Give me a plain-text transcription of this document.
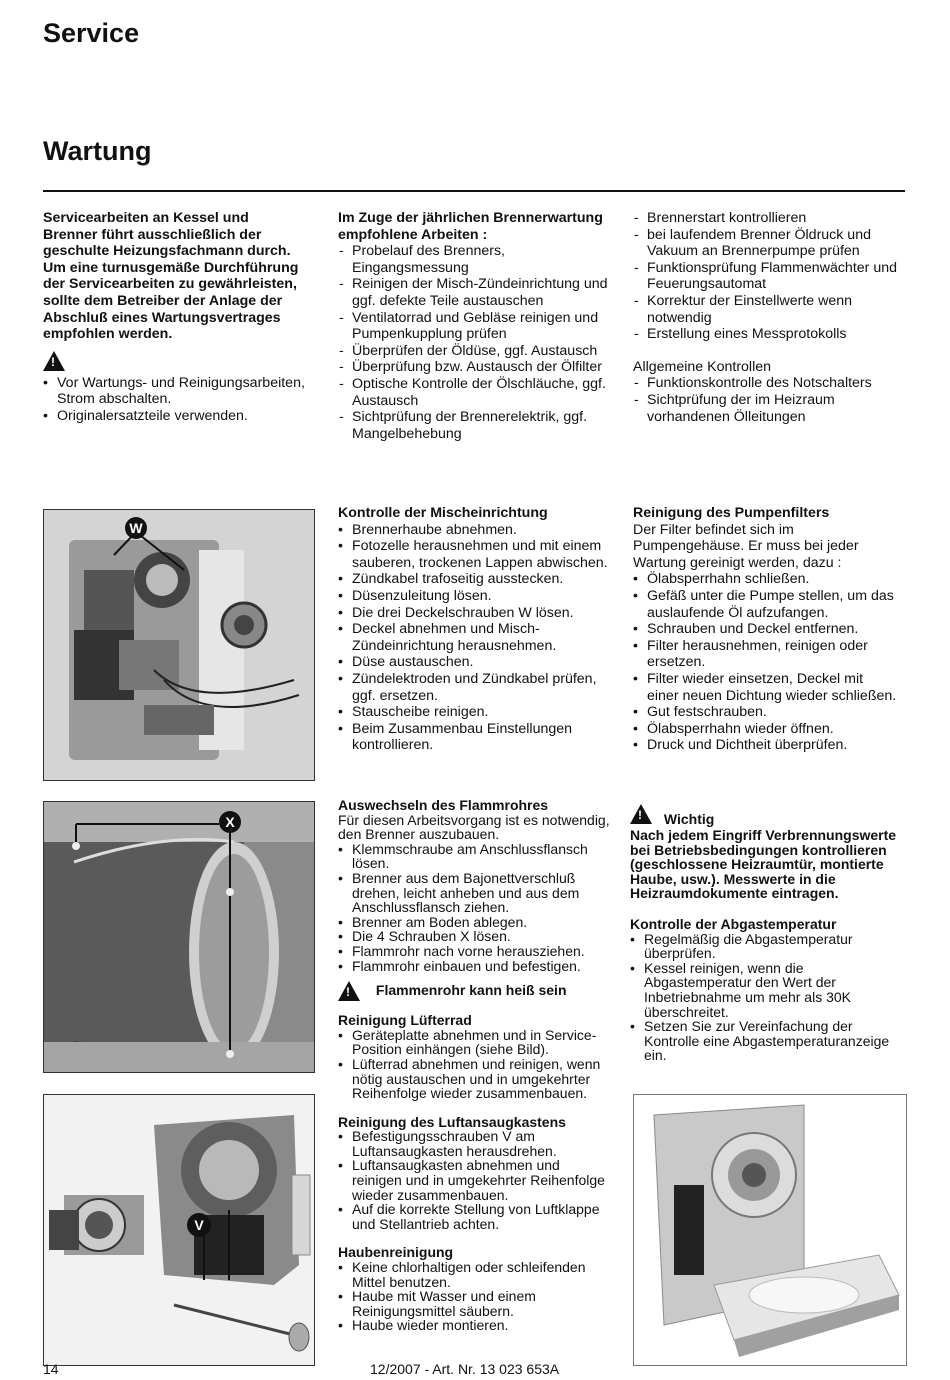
Service
Wartung

Servicearbeiten an Kessel und Brenner führt ausschließlich der geschulte Heizungsfachmann durch. Um eine turnusgemäße Durchführung der Servicearbeiten zu gewährleisten, sollte dem Betreiber der Anlage der Abschluß eines Wartungsvertrages empfohlen werden.

!
• Vor Wartungs- und Reinigungsarbeiten, Strom abschalten.
• Originalersatzteile verwenden.

Im Zuge der jährlichen Brennerwartung empfohlene Arbeiten :

- Probelauf des Brenners, Eingangsmessung
- Reinigen der Misch-Zündeinrichtung und ggf. defekte Teile austauschen
- Ventilatorrad und Gebläse reinigen und Pumpenkupplung prüfen
- Überprüfen der Öldüse, ggf. Austausch
- Überprüfung bzw. Austausch der Ölfilter
- Optische Kontrolle der Ölschläuche, ggf. Austausch
- Sichtprüfung der Brennerelektrik, ggf. Mangelbehebung
- Brennerstart kontrollieren
- bei laufendem Brenner Öldruck und Vakuum an Brennerpumpe prüfen
- Funktionsprüfung Flammenwächter und Feuerungsautomat
- Korrektur der Einstellwerte wenn notwendig
- Erstellung eines Messprotokolls

Allgemeine Kontrollen

- Funktionskontrolle des Notschalters
- Sichtprüfung der im Heizraum vorhandenen Ölleitungen
W

Kontrolle der Mischeinrichtung

• Brennerhaube abnehmen.
• Fotozelle herausnehmen und mit einem sauberen, trockenen Lappen abwischen.
• Zündkabel trafoseitig ausstecken.
• Düsenzuleitung lösen.
• Die drei Deckelschrauben W lösen.
• Deckel abnehmen und Misch- Zündeinrichtung herausnehmen.
• Düse austauschen.
• Zündelektroden und Zündkabel prüfen, ggf. ersetzen.
• Stauscheibe reinigen.
• Beim Zusammenbau Einstellungen kontrollieren.

Reinigung des Pumpenfilters

Der Filter befindet sich im Pumpengehäuse. Er muss bei jeder Wartung gereinigt werden, dazu :

• Ölabsperrhahn schließen.
• Gefäß unter die Pumpe stellen, um das auslaufende Öl aufzufangen.
• Schrauben und Deckel entfernen.
• Filter herausnehmen, reinigen oder ersetzen.
• Filter wieder einsetzen, Deckel mit einer neuen Dichtung wieder schließen.
• Gut festschrauben.
• Ölabsperrhahn wieder öffnen.
• Druck und Dichtheit überprüfen.
X

Auswechseln des Flammrohres

Für diesen Arbeitsvorgang ist es notwendig, den Brenner auszubauen.

• Klemmschraube am Anschlussflansch lösen.
• Brenner aus dem Bajonettverschluß drehen, leicht anheben und aus dem Anschlussflansch ziehen.
• Brenner am Boden ablegen.
• Die 4 Schrauben X lösen.
• Flammrohr nach vorne herausziehen.
• Flammrohr einbauen und befestigen.
! Flammenrohr kann heiß sein

Reinigung Lüfterrad

• Geräteplatte abnehmen und in Service-Position einhängen (siehe Bild).
• Lüfterrad abnehmen und reinigen, wenn nötig austauschen und in umgekehrter Reihenfolge wieder zusammenbauen.

Reinigung des Luftansaugkastens

• Befestigungsschrauben V am Luftansaugkasten herausdrehen.
• Luftansaugkasten abnehmen und reinigen und in umgekehrter Reihenfolge wieder zusammenbauen.
• Auf die korrekte Stellung von Luftklappe und Stellantrieb achten.

Haubenreinigung

• Keine chlorhaltigen oder schleifenden Mittel benutzen.
• Haube mit Wasser und einem Reinigungsmittel säubern.
• Haube wieder montieren.
! Wichtig

Nach jedem Eingriff Verbrennungswerte bei Betriebsbedingungen kontrollieren (geschlossene Heizraumtür, montierte Haube, usw.). Messwerte in die Heizraumdokumente eintragen.

Kontrolle der Abgastemperatur

• Regelmäßig die Abgastemperatur überprüfen.
• Kessel reinigen, wenn die Abgastemperatur den Wert der Inbetriebnahme um mehr als 30K überschreitet.
• Setzen Sie zur Vereinfachung der Kontrolle eine Abgastemperaturanzeige ein.
V
14	12/2007 - Art. Nr. 13 023 653A
